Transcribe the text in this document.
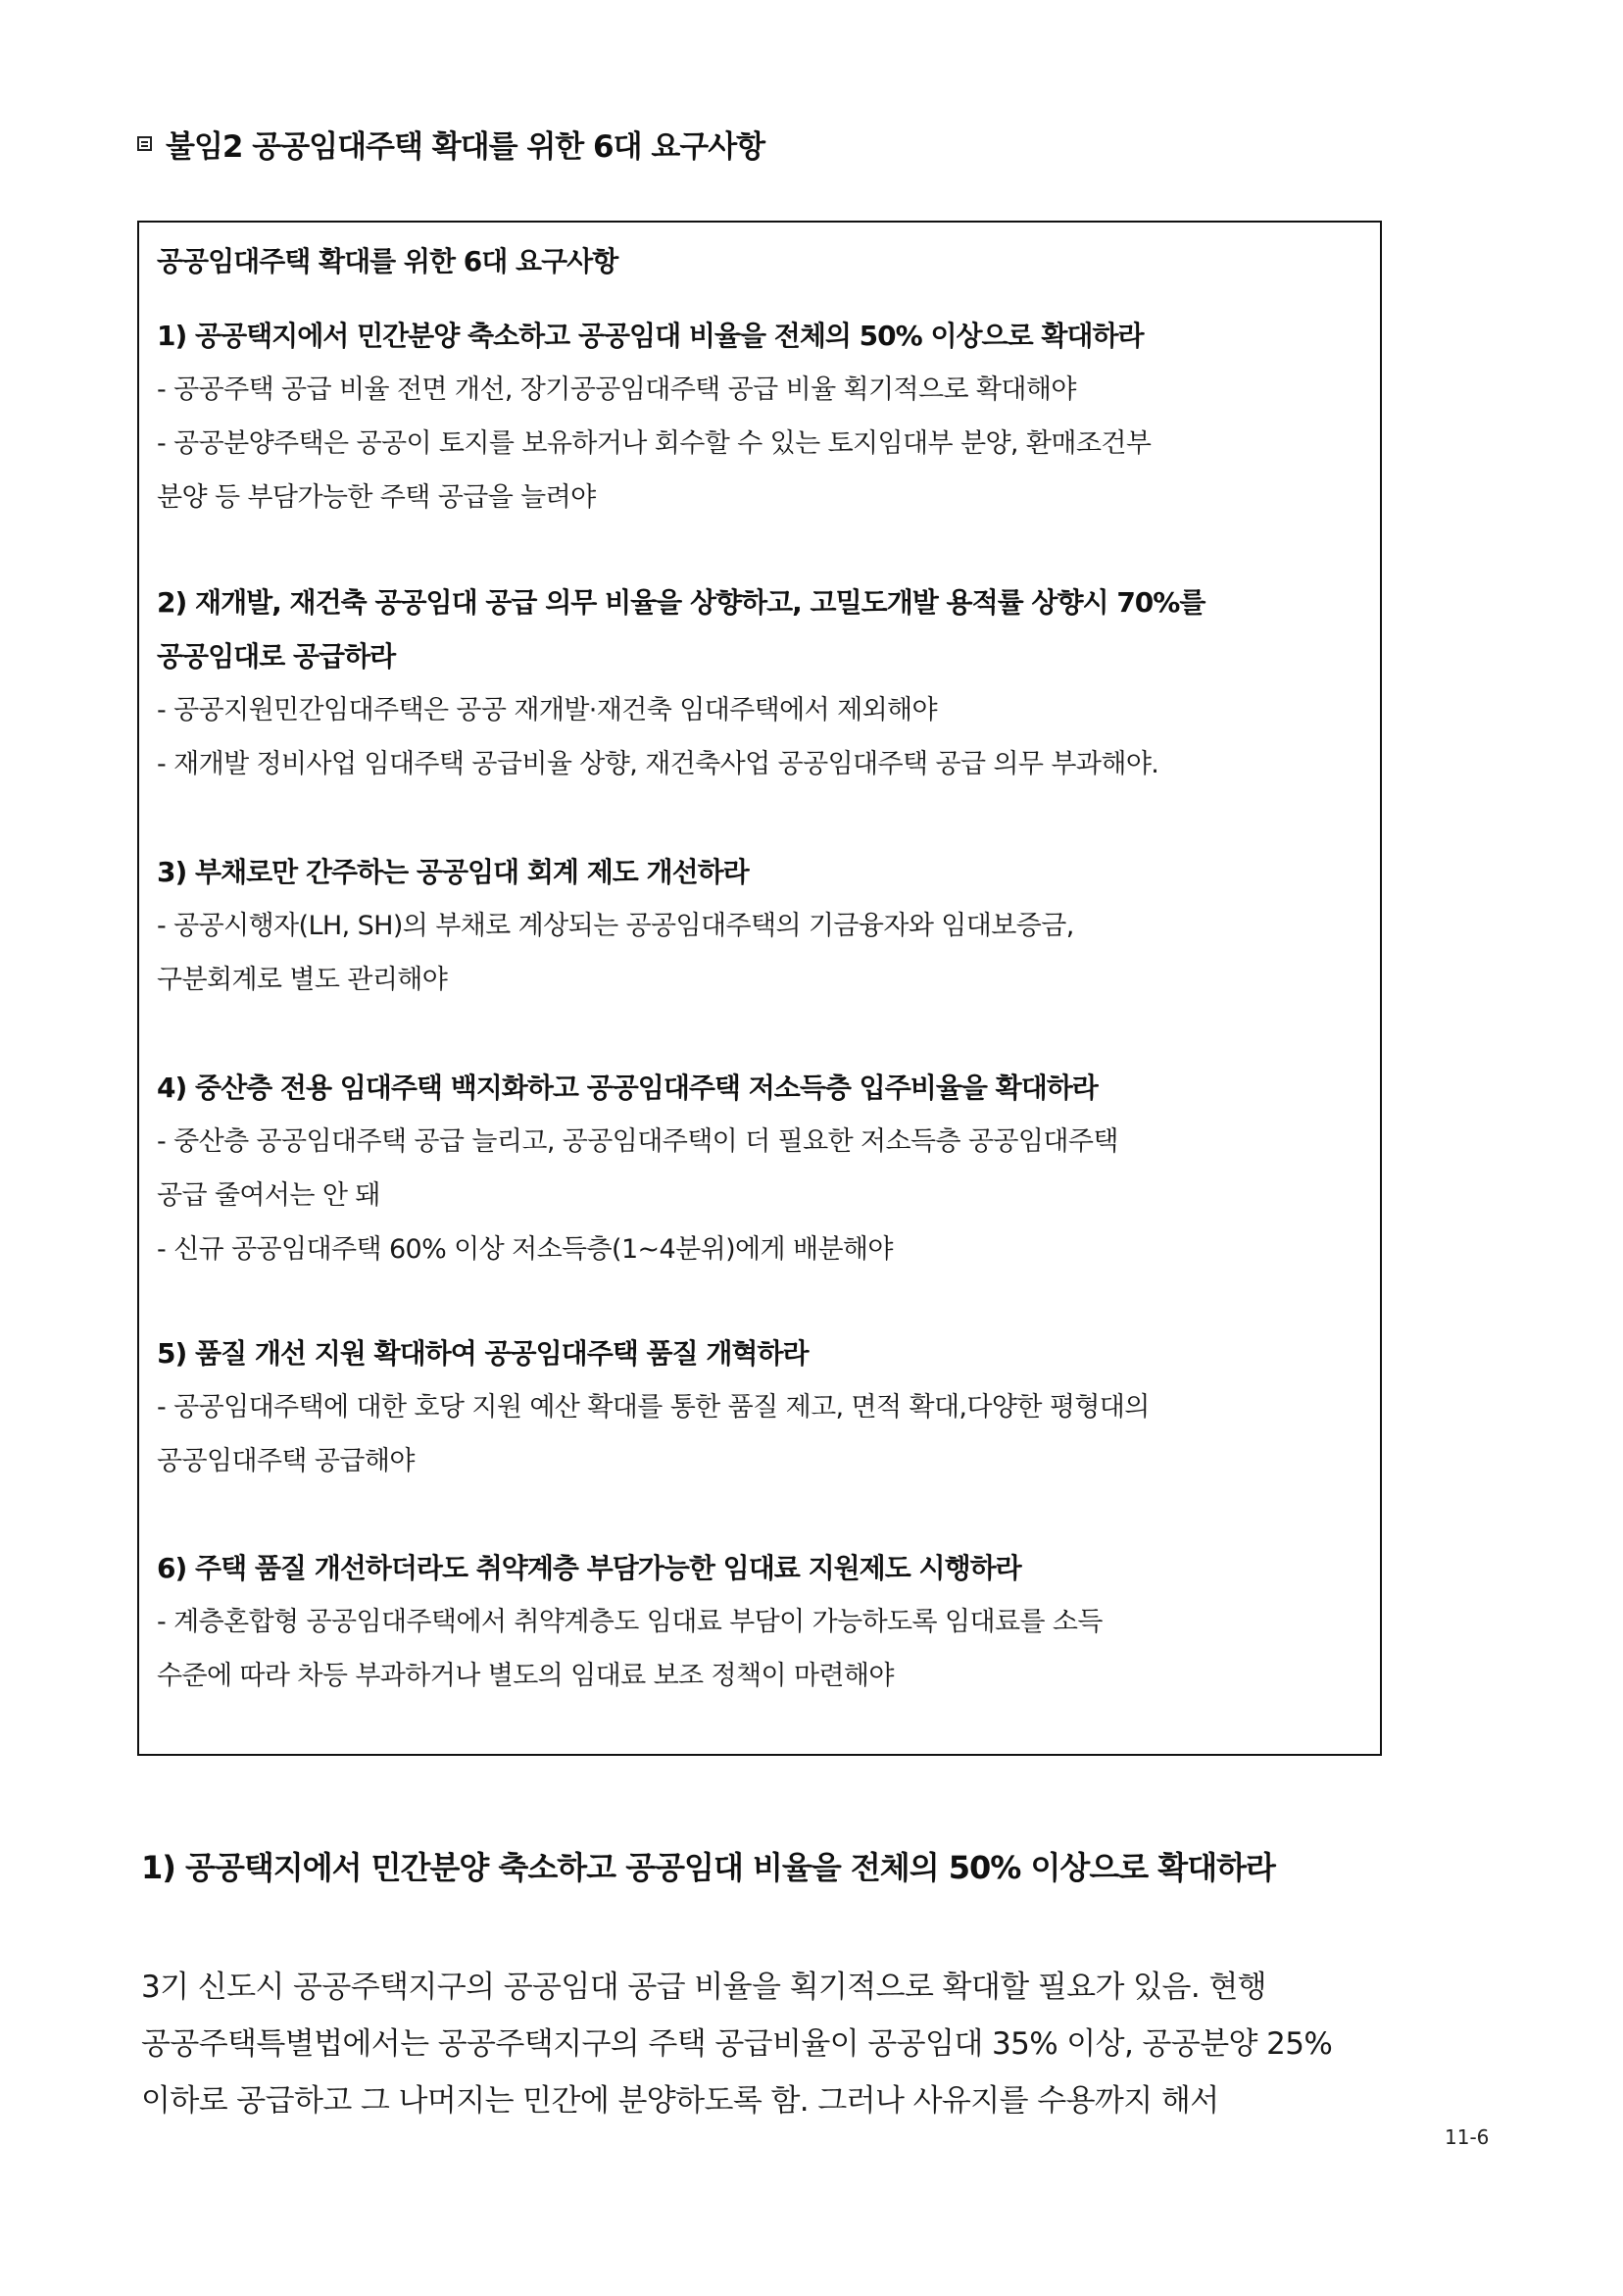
불임2 공공임대주택 확대를 위한 6대 요구사항
공공임대주택 확대를 위한 6대 요구사항
1) 공공택지에서 민간분양 축소하고 공공임대 비율을 전체의 50% 이상으로 확대하라
- 공공주택 공급 비율 전면 개선, 장기공공임대주택 공급 비율 획기적으로 확대해야
- 공공분양주택은 공공이 토지를 보유하거나 회수할 수 있는 토지임대부 분양, 환매조건부
분양 등 부담가능한 주택 공급을 늘려야
2) 재개발, 재건축 공공임대 공급 의무 비율을 상향하고, 고밀도개발 용적률 상향시 70%를
공공임대로 공급하라
- 공공지원민간임대주택은 공공 재개발·재건축 임대주택에서 제외해야
- 재개발 정비사업 임대주택 공급비율 상향, 재건축사업 공공임대주택 공급 의무 부과해야.
3) 부채로만 간주하는 공공임대 회계 제도 개선하라
- 공공시행자(LH, SH)의 부채로 계상되는 공공임대주택의 기금융자와 임대보증금,
구분회계로 별도 관리해야
4) 중산층 전용 임대주택 백지화하고 공공임대주택 저소득층 입주비율을 확대하라
- 중산층 공공임대주택 공급 늘리고, 공공임대주택이 더 필요한 저소득층 공공임대주택
공급 줄여서는 안 돼
- 신규 공공임대주택 60% 이상 저소득층(1~4분위)에게 배분해야
5) 품질 개선 지원 확대하여 공공임대주택 품질 개혁하라
- 공공임대주택에 대한 호당 지원 예산 확대를 통한 품질 제고, 면적 확대,다양한 평형대의
공공임대주택 공급해야
6) 주택 품질 개선하더라도 취약계층 부담가능한 임대료 지원제도 시행하라
- 계층혼합형 공공임대주택에서 취약계층도 임대료 부담이 가능하도록 임대료를 소득
수준에 따라 차등 부과하거나 별도의 임대료 보조 정책이 마련해야
1) 공공택지에서 민간분양 축소하고 공공임대 비율을 전체의 50% 이상으로 확대하라
3기 신도시 공공주택지구의 공공임대 공급 비율을 획기적으로 확대할 필요가 있음. 현행
공공주택특별법에서는 공공주택지구의 주택 공급비율이 공공임대 35% 이상, 공공분양 25%
이하로 공급하고 그 나머지는 민간에 분양하도록 함. 그러나 사유지를 수용까지 해서
11-6
